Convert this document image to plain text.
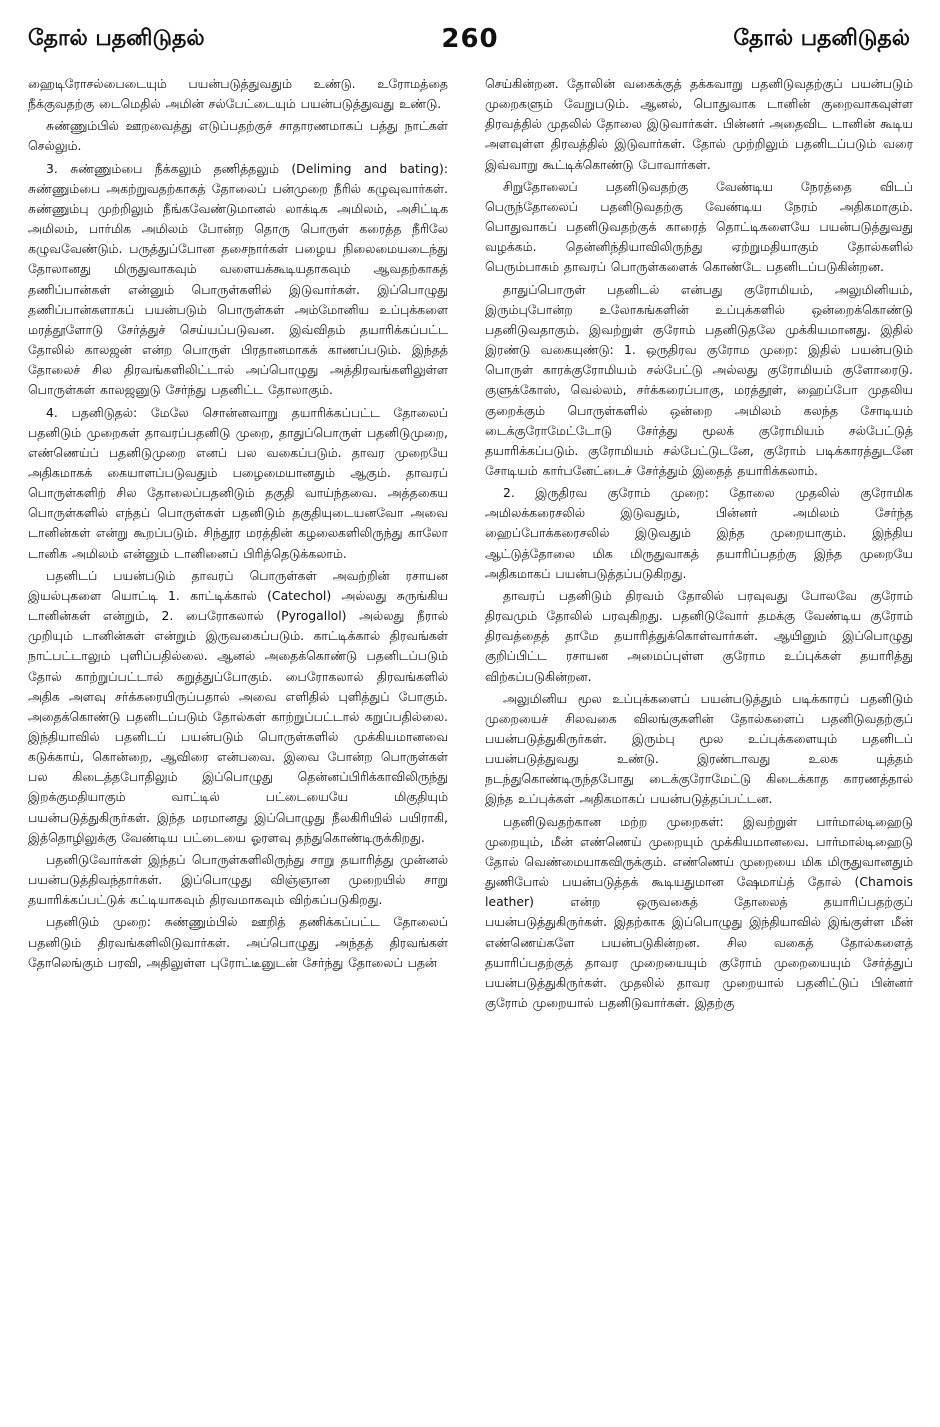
தோல் பதனிடுதல்	260	தோல் பதனிடுதல்

ஹைடிரோசல்பைடையும் பயன்படுத்துவதும் உண்டு. உரோமத்தை நீக்குவதற்கு டைமெதில் அமின் சல்பேட்டையும் பயன்படுத்துவது உண்டு.

சுண்ணும்பில் ஊறவைத்து எடுப்பதற்குச் சாதாரணமாகப் பத்து நாட்கள் செல்லும்.

3. சுண்ணும்பை நீக்கலும் தணித்தலும் (Deliming and bating): சுண்ணும்பை அகற்றுவதற்காகத் தோலைப் பன்முறை நீரில் கழுவுவார்கள். சுண்ணும்பு முற்றிலும் நீங்கவேண்டுமானல் லாக்டிக அமிலம், அசிட்டிக அமிலம், பார்மிக அமிலம் போன்ற தொரு பொருள் கரைத்த நீரிலே கழுவவேண்டும். பருத்துப்போன தசைநார்கள் பழைய நிலைமையடைந்து தோலானது மிருதுவாகவும் வளையக்கூடியதாகவும் ஆவதற்காகத் தணிப்பான்கள் என்னும் பொருள்களில் இடுவார்கள். இப்பொழுது தணிப்பான்களாகப் பயன்படும் பொருள்கள் அம்மோனிய உப்புக்களை மரத்தூளோடு சேர்த்துச் செய்யப்படுவன. இவ்விதம் தயாரிக்கப்பட்ட தோலில் காலஜன் என்ற பொருள் பிரதானமாகக் காணப்படும். இந்தத் தோலைச் சில திரவங்களிலிட்டால் அப்பொழுது அத்திரவங்களிலுள்ள பொருள்கள் காலஜனுடு சேர்ந்து பதனிட்ட தோலாகும்.

4. பதனிடுதல்: மேலே சொன்னவாறு தயாரிக்கப்பட்ட தோலைப் பதனிடும் முறைகள் தாவரப்பதனிடு முறை, தாதுப்பொருள் பதனிடுமுறை, எண்ணெய்ப் பதனிடுமுறை எனப் பல வகைப்படும். தாவர முறையே அதிகமாகக் கையாளப்படுவதும் பழைமையானதும் ஆகும். தாவரப் பொருள்களிற் சில தோலைப்பதனிடும் தகுதி வாய்ந்தவை. அத்தகைய பொருள்களில் எந்தப் பொருள்கள் பதனிடும் தகுதியுடையனவோ அவை டானின்கள் என்று கூறப்படும். சிந்தூர மரத்தின் கழலைகளிலிருந்து காலோ டானிக அமிலம் என்னும் டானினைப் பிரித்தெடுக்கலாம்.

பதனிடப் பயன்படும் தாவரப் பொருள்கள் அவற்றின் ரசாயன இயல்புகளை யொட்டி 1. காட்டிக்கால் (Catechol) அல்லது சுருங்கிய டானின்கள் என்றும், 2. பைரோகலால் (Pyrogallol) அல்லது நீரால் முறியும் டானின்கள் என்றும் இருவகைப்படும். காட்டிக்கால் திரவங்கள் நாட்பட்டாலும் புளிப்பதில்லை. ஆனல் அதைக்கொண்டு பதனிடப்படும் தோல் காற்றுப்பட்டால் கறுத்துப்போகும். பைரோகலால் திரவங்களில் அதிக அளவு சர்க்கரையிருப்பதால் அவை எளிதில் புளித்துப் போகும். அதைக்கொண்டு பதனிடப்படும் தோல்கள் காற்றுப்பட்டால் கறுப்பதில்லை. இந்தியாவில் பதனிடப் பயன்படும் பொருள்களில் முக்கியமானவை கடுக்காய், கொன்றை, ஆவிரை என்பவை. இவை போன்ற பொருள்கள் பல கிடைத்தபோதிலும் இப்பொழுது தென்னப்பிரிக்காவிலிருந்து இறக்குமதியாகும் வாட்டில் பட்டையையே மிகுதியும் பயன்படுத்துகிருர்கள். இந்த மரமானது இப்பொழுது நீலகிரியில் பயிராகி, இத்தொழிலுக்கு வேண்டிய பட்டையை ஓரளவு தந்துகொண்டிருக்கிறது.

பதனிடுவோர்கள் இந்தப் பொருள்களிலிருந்து சாறு தயாரித்து முன்னல் பயன்படுத்திவந்தார்கள். இப்பொழுது விஞ்ஞான முறையில் சாறு தயாரிக்கப்பட்டுக் கட்டியாகவும் திரவமாகவும் விற்கப்படுகிறது.

பதனிடும் முறை: சுண்ணும்பில் ஊறித் தணிக்கப்பட்ட தோலைப் பதனிடும் திரவங்களிலிடுவார்கள். அப்பொழுது அந்தத் திரவங்கள் தோலெங்கும் பரவி, அதிலுள்ள புரோட்டீனுடன் சேர்ந்து தோலைப் பதன்

செய்கின்றன. தோலின் வகைக்குத் தக்கவாறு பதனிடுவதற்குப் பயன்படும் முறைகளும் வேறுபடும். ஆனல், பொதுவாக டானின் குறைவாகவுள்ள திரவத்தில் முதலில் தோலை இடுவார்கள். பின்னர் அதைவிட டானின் கூடிய அளவுள்ள திரவத்தில் இடுவார்கள். தோல் முற்றிலும் பதனிடப்படும் வரை இவ்வாறு கூட்டிக்கொண்டு போவார்கள்.

சிறுதோலைப் பதனிடுவதற்கு வேண்டிய நேரத்தை விடப் பெருந்தோலைப் பதனிடுவதற்கு வேண்டிய நேரம் அதிகமாகும். பொதுவாகப் பதனிடுவதற்குக் காரைத் தொட்டிகளையே பயன்படுத்துவது வழக்கம். தென்னிந்தியாவிலிருந்து ஏற்றுமதியாகும் தோல்களில் பெரும்பாகம் தாவரப் பொருள்களைக் கொண்டே பதனிடப்படுகின்றன.

தாதுப்பொருள் பதனிடல் என்பது குரோமியம், அலுமினியம், இரும்புபோன்ற உலோகங்களின் உப்புக்களில் ஒன்றைக்கொண்டு பதனிடுவதாகும். இவற்றுள் குரோம் பதனிடுதலே முக்கியமானது. இதில் இரண்டு வகையுண்டு: 1. ஒருதிரவ குரோம முறை: இதில் பயன்படும் பொருள் காரக்குரோமியம் சல்பேட்டு அல்லது குரோமியம் குளோரைடு. குளுக்கோஸ், வெல்லம், சர்க்கரைப்பாகு, மரத்தூள், ஹைப்போ முதலிய குறைக்கும் பொருள்களில் ஒன்றை அமிலம் கலந்த சோடியம் டைக்குரோமேட்டோடு சேர்த்து மூலக் குரோமியம் சல்பேட்டுத் தயாரிக்கப்படும். குரோமியம் சல்பேட்டுடனே, குரோம் படிக்காரத்துடனே சோடியம் கார்பனேட்டைச் சேர்த்தும் இதைத் தயாரிக்கலாம்.

2. இருதிரவ குரோம் முறை: தோலை முதலில் குரோமிக அமிலக்கரைசலில் இடுவதும், பின்னர் அமிலம் சேர்ந்த ஹைப்போக்கரைசலில் இடுவதும் இந்த முறையாகும். இந்திய ஆட்டுத்தோலை மிக மிருதுவாகத் தயாரிப்பதற்கு இந்த முறையே அதிகமாகப் பயன்படுத்தப்படுகிறது.

தாவரப் பதனிடும் திரவம் தோலில் பரவுவது போலவே குரோம் திரவமும் தோலில் பரவுகிறது. பதனிடுவோர் தமக்கு வேண்டிய குரோம் திரவத்தைத் தாமே தயாரித்துக்கொள்வார்கள். ஆயினும் இப்பொழுது குறிப்பிட்ட ரசாயன அமைப்புள்ள குரோம உப்புக்கள் தயாரித்து விற்கப்படுகின்றன.

அலுமினிய மூல உப்புக்களைப் பயன்படுத்தும் படிக்காரப் பதனிடும் முறையைச் சிலவகை விலங்குகளின் தோல்களைப் பதனிடுவதற்குப் பயன்படுத்துகிருர்கள். இரும்பு மூல உப்புக்களையும் பதனிடப் பயன்படுத்துவது உண்டு. இரண்டாவது உலக யுத்தம் நடந்துகொண்டிருந்தபோது டைக்குரோமேட்டு கிடைக்காத காரணத்தால் இந்த உப்புக்கள் அதிகமாகப் பயன்படுத்தப்பட்டன.

பதனிடுவதற்கான மற்ற முறைகள்: இவற்றுள் பார்மால்டிஹைடு முறையும், மீன் எண்ணெய் முறையும் முக்கியமானவை. பார்மால்டிஹைடு தோல் வெண்மையாகவிருக்கும். எண்ணெய் முறையை மிக மிருதுவானதும் துணிபோல் பயன்படுத்தக் கூடியதுமான ஷேமாய்த் தோல் (Chamois leather) என்ற ஒருவகைத் தோலைத் தயாரிப்பதற்குப் பயன்படுத்துகிருர்கள். இதற்காக இப்பொழுது இந்தியாவில் இங்குள்ள மீன் எண்ணெய்களே பயன்படுகின்றன. சில வகைத் தோல்களைத் தயாரிப்பதற்குத் தாவர முறையையும் குரோம் முறையையும் சேர்த்துப் பயன்படுத்துகிருர்கள். முதலில் தாவர முறையால் பதனிட்டுப் பின்னர் குரோம் முறையால் பதனிடுவார்கள். இதற்கு
